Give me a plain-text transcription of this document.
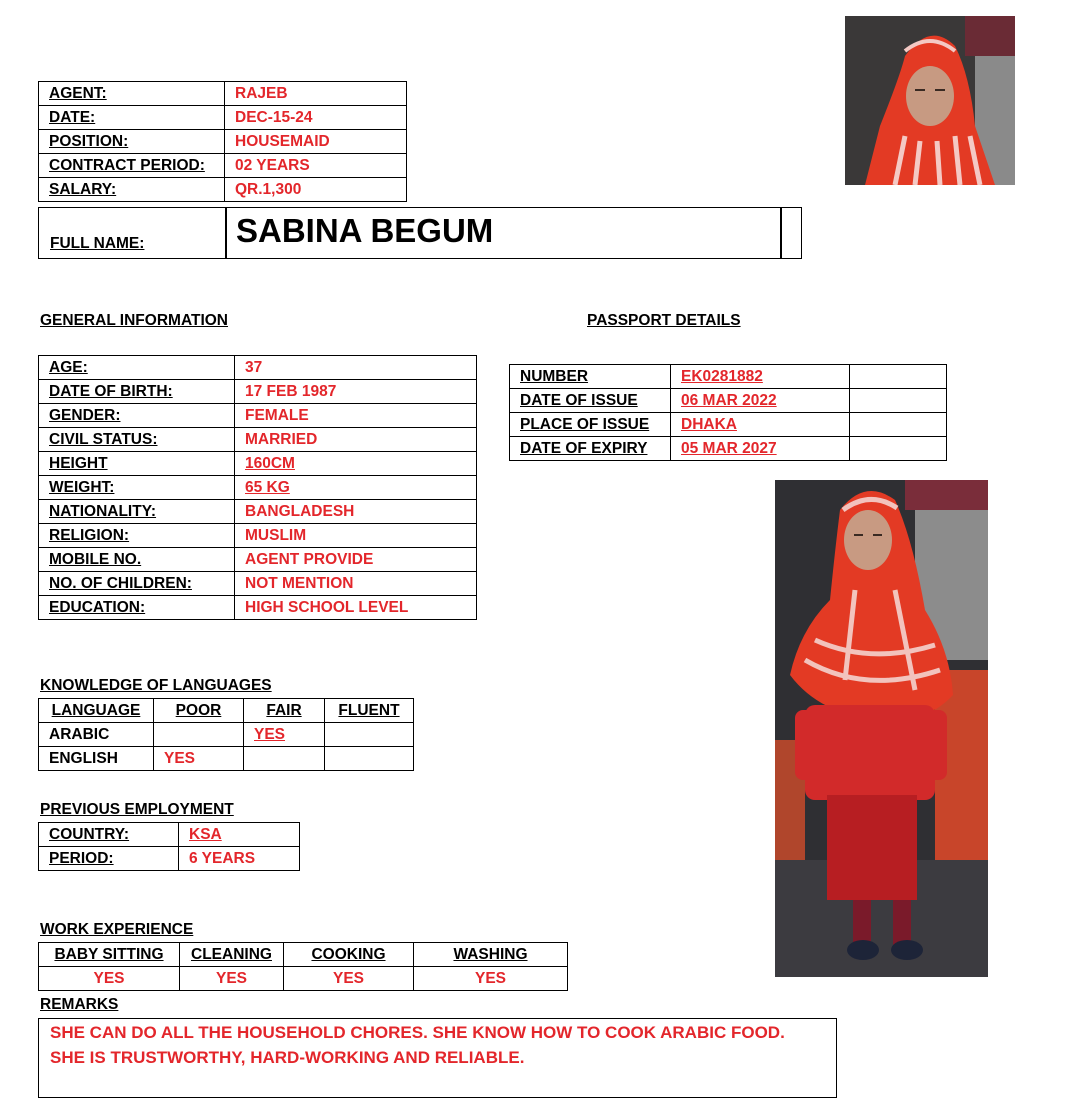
AGENT:	RAJEB
DATE:	DEC-15-24
POSITION:	HOUSEMAID
CONTRACT PERIOD:	02 YEARS
SALARY:	QR.1,300
FULL NAME:	SABINA BEGUM
GENERAL INFORMATION
AGE:	37
DATE OF BIRTH:	17 FEB 1987
GENDER:	FEMALE
CIVIL STATUS:	MARRIED
HEIGHT	160CM
WEIGHT:	65 KG
NATIONALITY:	BANGLADESH
RELIGION:	MUSLIM
MOBILE NO.	AGENT PROVIDE
NO. OF CHILDREN:	NOT MENTION
EDUCATION:	HIGH SCHOOL LEVEL
PASSPORT DETAILS
NUMBER	EK0281882	
DATE OF ISSUE	06 MAR 2022	
PLACE OF ISSUE	DHAKA	
DATE OF EXPIRY	05 MAR 2027	
KNOWLEDGE OF LANGUAGES
LANGUAGE	POOR	FAIR	FLUENT
ARABIC		YES	
ENGLISH	YES		
PREVIOUS EMPLOYMENT
COUNTRY:	KSA
PERIOD:	6 YEARS
WORK EXPERIENCE
BABY SITTING	CLEANING	COOKING	WASHING
YES	YES	YES	YES
REMARKS
SHE CAN DO ALL THE HOUSEHOLD CHORES. SHE KNOW HOW TO COOK ARABIC FOOD.
SHE IS TRUSTWORTHY, HARD-WORKING AND RELIABLE.
